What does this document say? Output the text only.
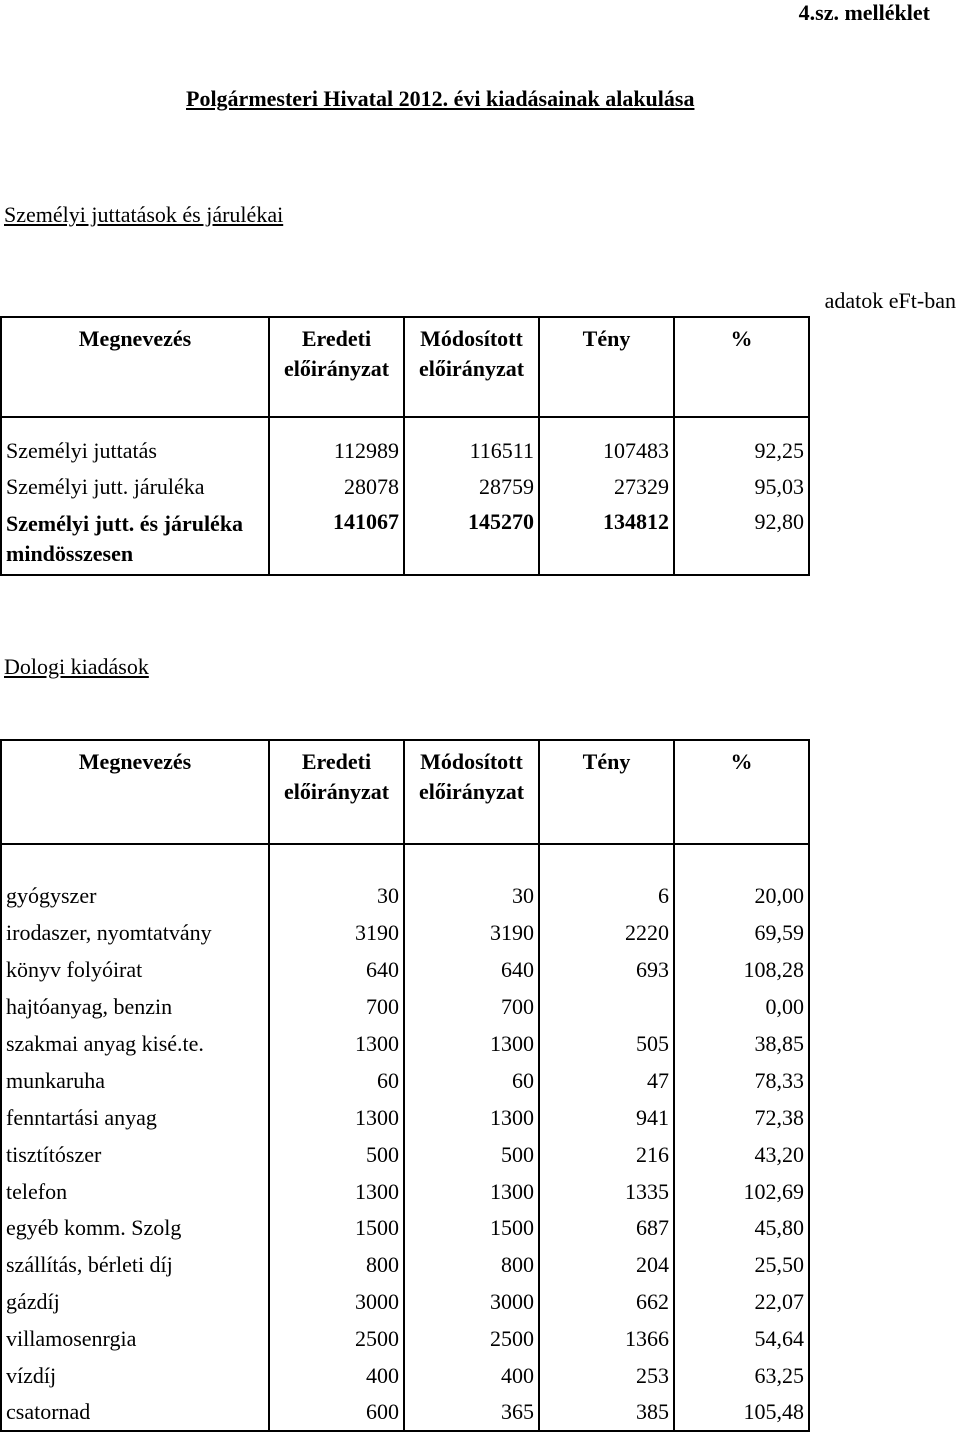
4.sz. melléklet
Polgármesteri Hivatal 2012. évi kiadásainak alakulása
Személyi juttatások és járulékai
adatok eFt-ban
Megnevezés	Eredeti előirányzat	Módosított előirányzat	Tény	%

Személyi juttatás	112989	116511	107483	92,25
Személyi jutt. járuléka	28078	28759	27329	95,03
Személyi jutt. és járuléka mindösszesen	141067	145270	134812	92,80
Dologi kiadások
Megnevezés	Eredeti előirányzat	Módosított előirányzat	Tény	%

gyógyszer	30	30	6	20,00
irodaszer, nyomtatvány	3190	3190	2220	69,59
könyv folyóirat	640	640	693	108,28
hajtóanyag, benzin	700	700		0,00
szakmai anyag kisé.te.	1300	1300	505	38,85
munkaruha	60	60	47	78,33
fenntartási anyag	1300	1300	941	72,38
tisztítószer	500	500	216	43,20
telefon	1300	1300	1335	102,69
egyéb komm. Szolg	1500	1500	687	45,80
szállítás, bérleti díj	800	800	204	25,50
gázdíj	3000	3000	662	22,07
villamosenrgia	2500	2500	1366	54,64
vízdíj	400	400	253	63,25
csatornad	600	365	385	105,48
